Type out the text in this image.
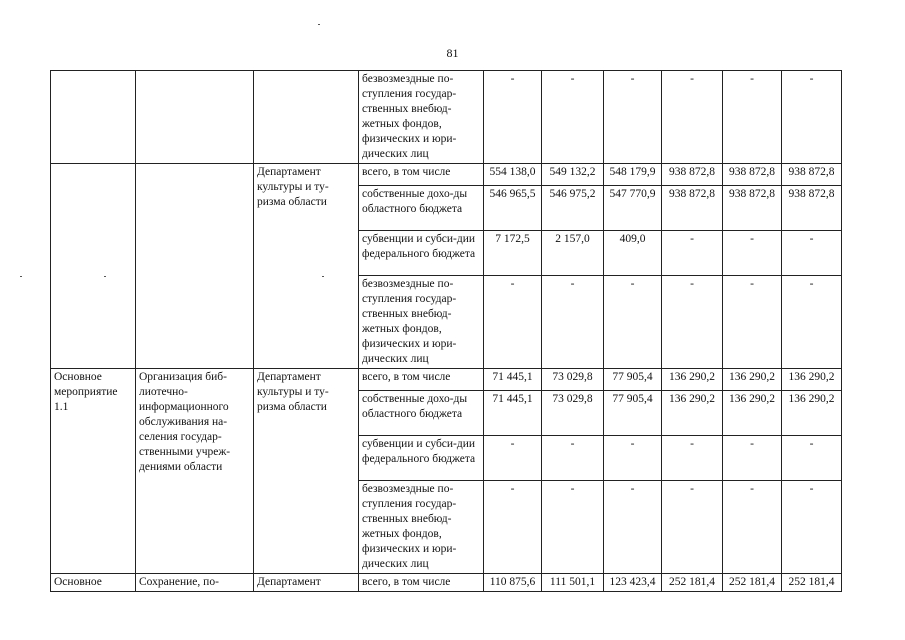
81
			безвозмездные по-ступления государ-ственных внебюд-жетных фондов, физических и юри-дических лиц	-	-	-	-	-	-
		Департамент культуры и ту-ризма области	всего, в том числе	554 138,0	549 132,2	548 179,9	938 872,8	938 872,8	938 872,8
			собственные дохо-ды областного бюджета	546 965,5	546 975,2	547 770,9	938 872,8	938 872,8	938 872,8
			субвенции и субси-дии федерального бюджета	7 172,5	2 157,0	409,0	-	-	-
			безвозмездные по-ступления государ-ственных внебюд-жетных фондов, физических и юри-дических лиц	-	-	-	-	-	-
Основное мероприятие 1.1	Организация биб-лиотечно-информационного обслуживания на-селения государ-ственными учреж-дениями области	Департамент культуры и ту-ризма области	всего, в том числе	71 445,1	73 029,8	77 905,4	136 290,2	136 290,2	136 290,2
			собственные дохо-ды областного бюджета	71 445,1	73 029,8	77 905,4	136 290,2	136 290,2	136 290,2
			субвенции и субси-дии федерального бюджета	-	-	-	-	-	-
			безвозмездные по-ступления государ-ственных внебюд-жетных фондов, физических и юри-дических лиц	-	-	-	-	-	-
Основное	Сохранение, по-	Департамент	всего, в том числе	110 875,6	111 501,1	123 423,4	252 181,4	252 181,4	252 181,4
